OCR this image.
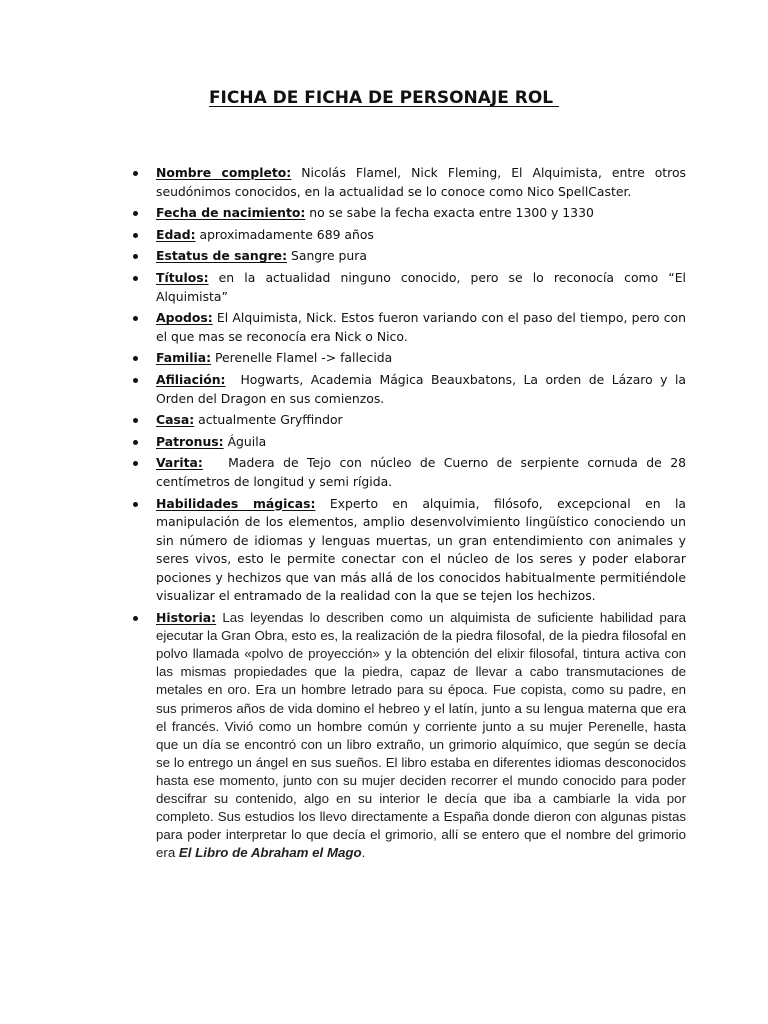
FICHA DE FICHA DE PERSONAJE ROL
Nombre completo: Nicolás Flamel, Nick Fleming, El Alquimista, entre otros seudónimos conocidos, en la actualidad se lo conoce como Nico SpellCaster.
Fecha de nacimiento: no se sabe la fecha exacta entre 1300 y 1330
Edad: aproximadamente 689 años
Estatus de sangre: Sangre pura
Títulos: en la actualidad ninguno conocido, pero se lo reconocía como “El Alquimista”
Apodos: El Alquimista, Nick. Estos fueron variando con el paso del tiempo, pero con el que mas se reconocía era Nick o Nico.
Familia: Perenelle Flamel -> fallecida
Afiliación:  Hogwarts, Academia Mágica Beauxbatons, La orden de Lázaro y la Orden del Dragon en sus comienzos.
Casa: actualmente Gryffindor
Patronus: Águila
Varita:   Madera de Tejo con núcleo de Cuerno de serpiente cornuda de 28 centímetros de longitud y semi rígida.
Habilidades mágicas: Experto en alquimia, filósofo, excepcional en la manipulación de los elementos, amplio desenvolvimiento lingüístico conociendo un sin número de idiomas y lenguas muertas, un gran entendimiento con animales y seres vivos, esto le permite conectar con el núcleo de los seres y poder elaborar pociones y hechizos que van más allá de los conocidos habitualmente permitiéndole visualizar el entramado de la realidad con la que se tejen los hechizos.
Historia: Las leyendas lo describen como un alquimista de suficiente habilidad para ejecutar la Gran Obra, esto es, la realización de la piedra filosofal, de la piedra filosofal en polvo llamada «polvo de proyección» y la obtención del elixir filosofal, tintura activa con las mismas propiedades que la piedra, capaz de llevar a cabo transmutaciones de metales en oro. Era un hombre letrado para su época. Fue copista, como su padre, en sus primeros años de vida domino el hebreo y el latín, junto a su lengua materna que era el francés. Vivió como un hombre común y corriente junto a su mujer Perenelle, hasta que un día se encontró con un libro extraño, un grimorio alquímico, que según se decía se lo entrego un ángel en sus sueños. El libro estaba en diferentes idiomas desconocidos hasta ese momento, junto con su mujer deciden recorrer el mundo conocido para poder descifrar su contenido, algo en su interior le decía que iba a cambiarle la vida por completo. Sus estudios los llevo directamente a España donde dieron con algunas pistas para poder interpretar lo que decía el grimorio, allí se entero que el nombre del grimorio era El Libro de Abraham el Mago.
